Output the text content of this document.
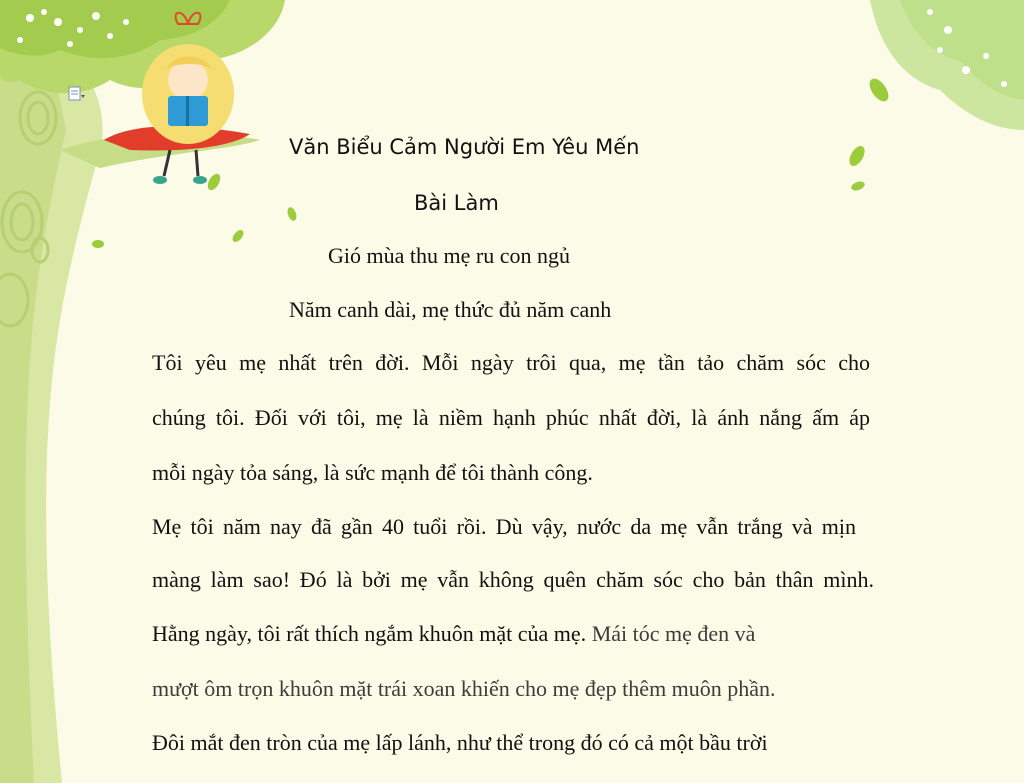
Văn Biểu Cảm Người Em Yêu Mến
Bài Làm
Gió mùa thu mẹ ru con ngủ
Năm canh dài, mẹ thức đủ năm canh
Tôi yêu mẹ nhất trên đời. Mỗi ngày trôi qua, mẹ tần tảo chăm sóc cho
chúng tôi. Đối với tôi, mẹ là niềm hạnh phúc nhất đời, là ánh nắng ấm áp
mỗi ngày tỏa sáng, là sức mạnh để tôi thành công.
Mẹ tôi năm nay đã gần 40 tuổi rồi. Dù vậy, nước da mẹ vẫn trắng và mịn
màng làm sao! Đó là bởi mẹ vẫn không quên chăm sóc cho bản thân mình.
Hằng ngày, tôi rất thích ngắm khuôn mặt của mẹ. Mái tóc mẹ đen và
mượt ôm trọn khuôn mặt trái xoan khiến cho mẹ đẹp thêm muôn phần.
Đôi mắt đen tròn của mẹ lấp lánh, như thể trong đó có cả một bầu trời
